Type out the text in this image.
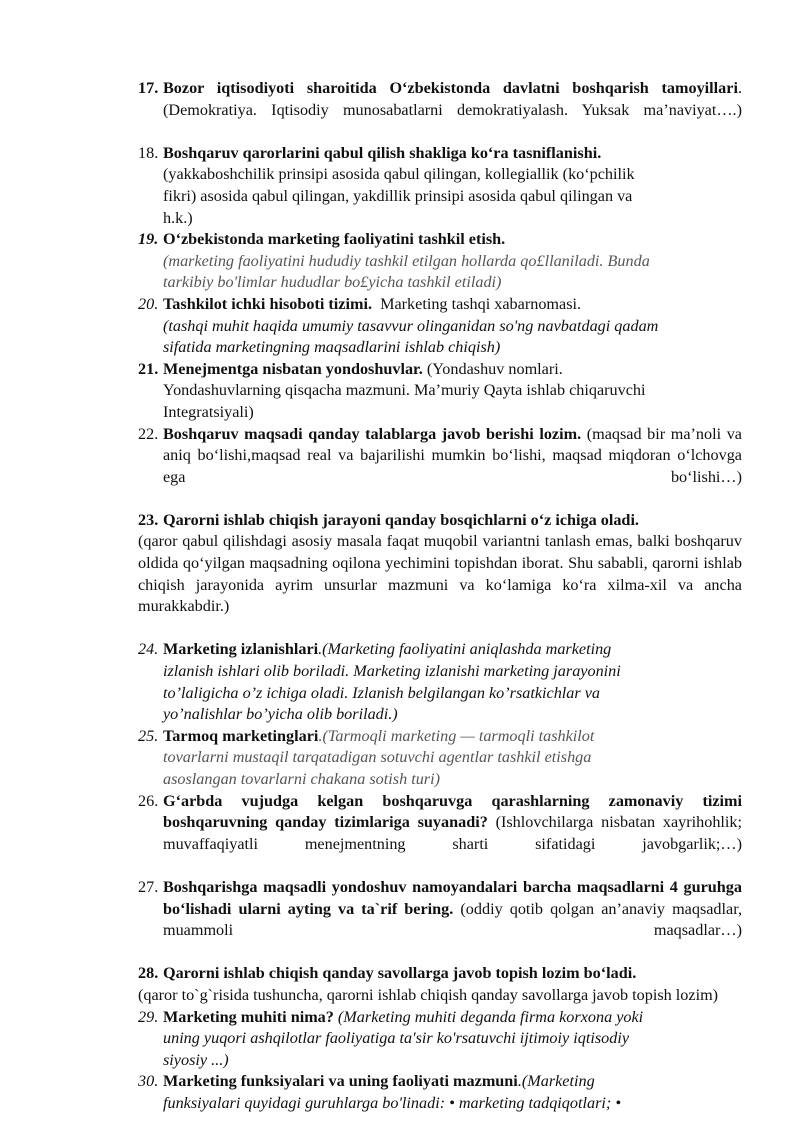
17. Bozor iqtisodiyoti sharoitida O‘zbekistonda davlatni boshqarish tamoyillari. (Demokratiya. Iqtisodiy munosabatlarni demokratiyalash. Yuksak ma’naviyat….)
18. Boshqaruv qarorlarini qabul qilish shakliga ko‘ra tasniflanishi.
(yakkaboshchilik prinsipi asosida qabul qilingan, kollegiallik (ko‘pchilik
fikri) asosida qabul qilingan, yakdillik prinsipi asosida qabul qilingan va
h.k.)
19. O‘zbekistonda marketing faoliyatini tashkil etish.
(marketing faoliyatini hududiy tashkil etilgan hollarda qo£llaniladi. Bunda
tarkibiy bo'limlar hududlar bo£yicha tashkil etiladi)
20. Tashkilot ichki hisoboti tizimi.  Marketing tashqi xabarnomasi.
(tashqi muhit haqida umumiy tasavvur olinganidan so'ng navbatdagi qadam
sifatida marketingning maqsadlarini ishlab chiqish)
21. Menejmentga nisbatan yondoshuvlar. (Yondashuv nomlari.
Yondashuvlarning qisqacha mazmuni. Ma’muriy Qayta ishlab chiqaruvchi
Integratsiyali)
22. Boshqaruv maqsadi qanday talablarga javob berishi lozim. (maqsad bir ma’noli va aniq bo‘lishi,maqsad real va bajarilishi mumkin bo‘lishi, maqsad miqdoran o‘lchovga ega bo‘lishi…)
23. Qarorni ishlab chiqish jarayoni qanday bosqichlarni o‘z ichiga oladi.
(qaror qabul qilishdagi asosiy masala faqat muqobil variantni tanlash emas, balki boshqaruv oldida qo‘yilgan maqsadning oqilona yechimini topishdan iborat. Shu sababli, qarorni ishlab chiqish jarayonida ayrim unsurlar mazmuni va ko‘lamiga ko‘ra xilma-xil va ancha murakkabdir.)
24. Marketing izlanishlari.(Marketing faoliyatini aniqlashda marketing
izlanish ishlari olib boriladi. Marketing izlanishi marketing jarayonini
to’laligicha o’z ichiga oladi. Izlanish belgilangan ko’rsatkichlar va
yo’nalishlar bo’yicha olib boriladi.)
25. Tarmoq marketinglari.(Tarmoqli marketing — tarmoqli tashkilot
tovarlarni mustaqil tarqatadigan sotuvchi agentlar tashkil etishga
asoslangan tovarlarni chakana sotish turi)
26. G‘arbda vujudga kelgan boshqaruvga qarashlarning zamonaviy tizimi boshqaruvning qanday tizimlariga suyanadi? (Ishlovchilarga nisbatan xayrihohlik; muvaffaqiyatli menejmentning sharti sifatidagi javobgarlik;…)
27. Boshqarishga maqsadli yondoshuv namoyandalari barcha maqsadlarni 4 guruhga bo‘lishadi ularni ayting va ta`rif bering. (oddiy qotib qolgan an’anaviy maqsadlar, muammoli maqsadlar…)
28. Qarorni ishlab chiqish qanday savollarga javob topish lozim bo‘ladi.
(qaror to`g`risida tushuncha, qarorni ishlab chiqish qanday savollarga javob topish lozim)
29. Marketing muhiti nima? (Marketing muhiti deganda firma korxona yoki
uning yuqori ashqilotlar faoliyatiga ta'sir ko'rsatuvchi ijtimoiy iqtisodiy
siyosiy ...)
30. Marketing funksiyalari va uning faoliyati mazmuni.(Marketing
funksiyalari quyidagi guruhlarga bo'linadi: • marketing tadqiqotlari; •
